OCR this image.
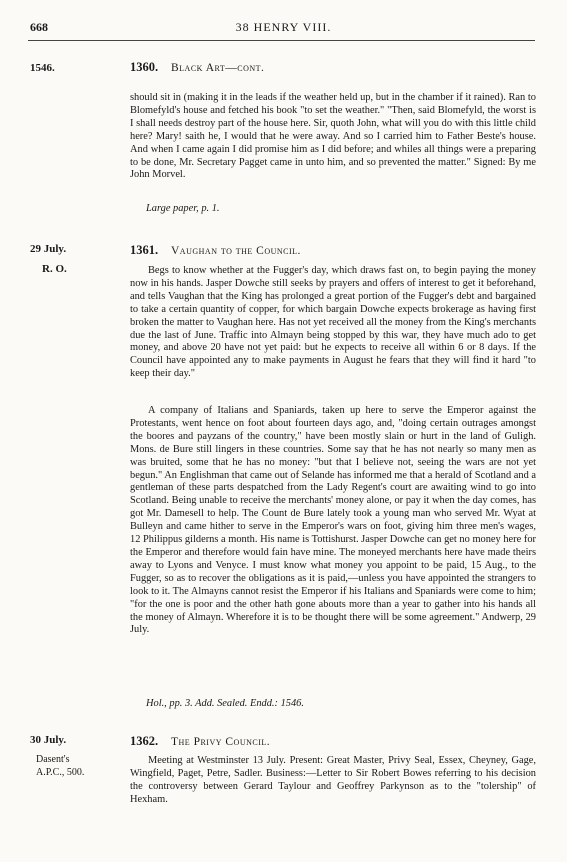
668	38 HENRY VIII.
1546.	1360. Black Art—cont.

should sit in (making it in the leads if the weather held up, but in the chamber if it rained). Ran to Blomefyld's house and fetched his book "to set the weather." "Then, said Blomefyld, the worst is I shall needs destroy part of the house here. Sir, quoth John, what will you do with this little child here? Mary! saith he, I would that he were away. And so I carried him to Father Beste's house. And when I came again I did promise him as I did before; and whiles all things were a preparing to be done, Mr. Secretary Pagget came in unto him, and so prevented the matter." Signed: By me John Morvel.

Large paper, p. 1.
29 July.
R. O.
1361. Vaughan to the Council.

Begs to know whether at the Fugger's day, which draws fast on, to begin paying the money now in his hands. Jasper Dowche still seeks by prayers and offers of interest to get it beforehand, and tells Vaughan that the King has prolonged a great portion of the Fugger's debt and bargained to take a certain quantity of copper, for which bargain Dowche expects brokerage as having first broken the matter to Vaughan here. Has not yet received all the money from the King's merchants due the last of June. Traffic into Almayn being stopped by this war, they have much ado to get money, and above 20 have not yet paid: but he expects to receive all within 6 or 8 days. If the Council have appointed any to make payments in August he fears that they will find it hard "to keep their day."

A company of Italians and Spaniards, taken up here to serve the Emperor against the Protestants, went hence on foot about fourteen days ago, and, "doing certain outrages amongst the boores and payzans of the country," have been mostly slain or hurt in the land of Guligh. Mons. de Bure still lingers in these countries. Some say that he has not nearly so many men as was bruited, some that he has no money: "but that I believe not, seeing the wars are not yet begun." An Englishman that came out of Selande has informed me that a herald of Scotland and a gentleman of these parts despatched from the Lady Regent's court are awaiting wind to go into Scotland. Being unable to receive the merchants' money alone, or pay it when the day comes, has got Mr. Damesell to help. The Count de Bure lately took a young man who served Mr. Wyat at Bulleyn and came hither to serve in the Emperor's wars on foot, giving him three men's wages, 12 Philippus gilderns a month. His name is Tottishurst. Jasper Dowche can get no money here for the Emperor and therefore would fain have mine. The moneyed merchants here have made theirs away to Lyons and Venyce. I must know what money you appoint to be paid, 15 Aug., to the Fugger, so as to recover the obligations as it is paid,—unless you have appointed the strangers to look to it. The Almayns cannot resist the Emperor if his Italians and Spaniards were come to him; "for the one is poor and the other hath gone abouts more than a year to gather into his hands all the money of Almayn. Wherefore it is to be thought there will be some agreement." Andwerp, 29 July.

Hol., pp. 3. Add. Sealed. Endd.: 1546.
30 July.
Dasent's
A.P.C., 500.
1362. The Privy Council.

Meeting at Westminster 13 July. Present: Great Master, Privy Seal, Essex, Cheyney, Gage, Wingfield, Paget, Petre, Sadler. Business:—Letter to Sir Robert Bowes referring to his decision the controversy between Gerard Taylour and Geoffrey Parkynson as to the "tolership" of Hexham.
